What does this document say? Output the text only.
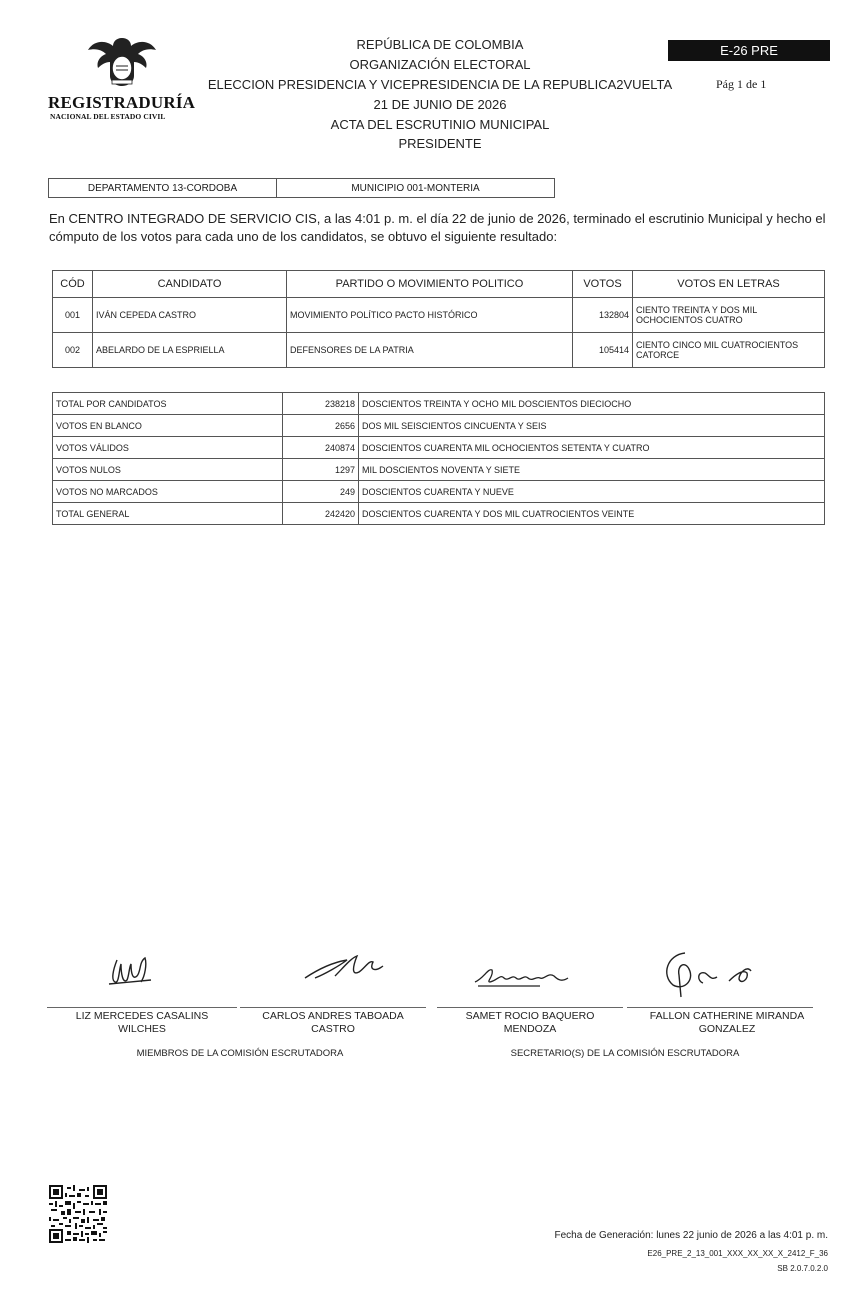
REGISTRADURÍA
NACIONAL DEL ESTADO CIVIL
REPÚBLICA DE COLOMBIA
ORGANIZACIÓN ELECTORAL
ELECCION PRESIDENCIA Y VICEPRESIDENCIA DE LA REPUBLICA2VUELTA
21 DE JUNIO DE 2026
ACTA DEL ESCRUTINIO MUNICIPAL
PRESIDENTE
E-26 PRE
Pág 1 de 1
DEPARTAMENTO 13-CORDOBA	MUNICIPIO 001-MONTERIA
En CENTRO INTEGRADO DE SERVICIO CIS, a las 4:01 p. m. el día 22 de junio de 2026, terminado el escrutinio Municipal y hecho el cómputo de los votos para cada uno de los candidatos, se obtuvo el siguiente resultado:
CÓD	CANDIDATO	PARTIDO O MOVIMIENTO POLITICO	VOTOS	VOTOS EN LETRAS
001	IVÁN CEPEDA CASTRO	MOVIMIENTO POLÍTICO PACTO HISTÓRICO	132804	CIENTO TREINTA Y DOS MIL OCHOCIENTOS CUATRO
002	ABELARDO DE LA ESPRIELLA	DEFENSORES DE LA PATRIA	105414	CIENTO CINCO MIL CUATROCIENTOS CATORCE
TOTAL POR CANDIDATOS	238218	DOSCIENTOS TREINTA Y OCHO MIL DOSCIENTOS DIECIOCHO
VOTOS EN BLANCO	2656	DOS MIL SEISCIENTOS CINCUENTA Y SEIS
VOTOS VÁLIDOS	240874	DOSCIENTOS CUARENTA MIL OCHOCIENTOS SETENTA Y CUATRO
VOTOS NULOS	1297	MIL DOSCIENTOS NOVENTA Y SIETE
VOTOS NO MARCADOS	249	DOSCIENTOS CUARENTA Y NUEVE
TOTAL GENERAL	242420	DOSCIENTOS CUARENTA Y DOS MIL CUATROCIENTOS VEINTE
LIZ MERCEDES CASALINS
WILCHES
CARLOS ANDRES TABOADA
CASTRO
SAMET ROCIO BAQUERO
MENDOZA
FALLON CATHERINE MIRANDA
GONZALEZ
MIEMBROS DE LA COMISIÓN ESCRUTADORA	SECRETARIO(S) DE LA COMISIÓN ESCRUTADORA
Fecha de Generación: lunes 22 junio de 2026 a las 4:01 p. m.
E26_PRE_2_13_001_XXX_XX_XX_X_2412_F_36
SB 2.0.7.0.2.0
